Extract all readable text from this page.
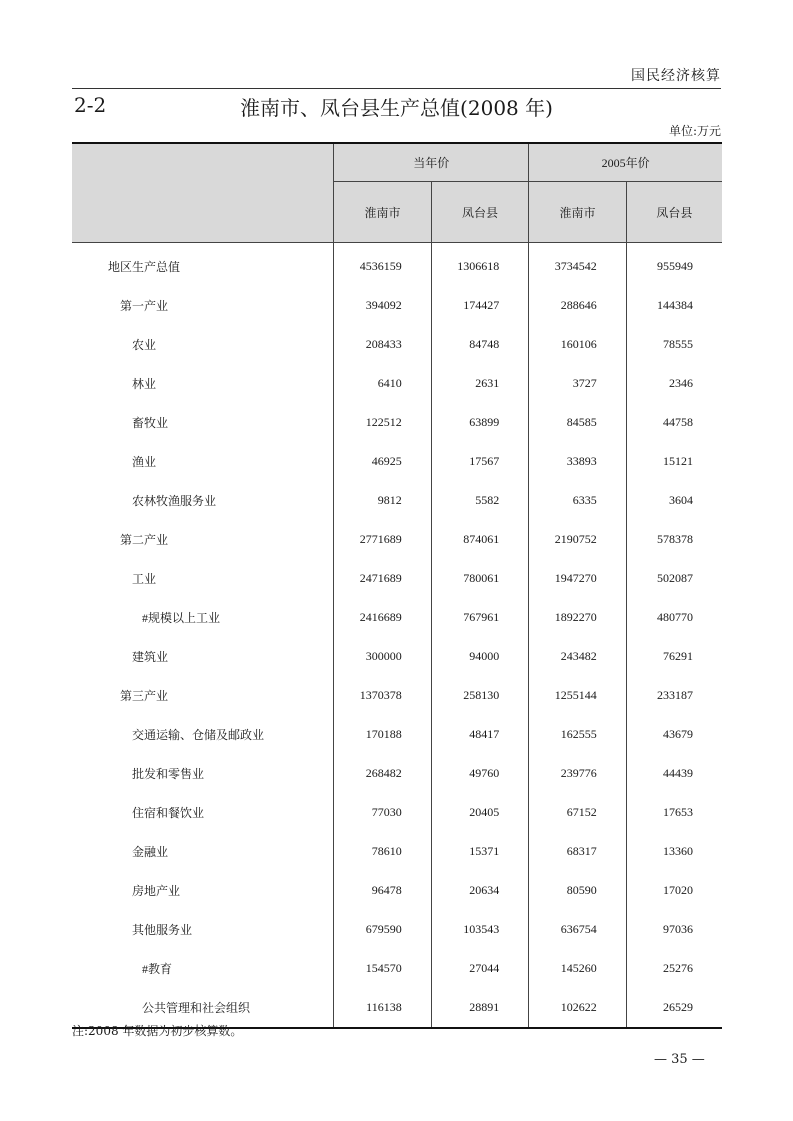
国民经济核算
2-2	淮南市、凤台县生产总值(2008 年)
单位:万元
	当年价		2005年价	
	淮南市	凤台县	淮南市	凤台县
地区生产总值	4536159	1306618	3734542	955949
第一产业	394092	174427	288646	144384
农业	208433	84748	160106	78555
林业	6410	2631	3727	2346
畜牧业	122512	63899	84585	44758
渔业	46925	17567	33893	15121
农林牧渔服务业	9812	5582	6335	3604
第二产业	2771689	874061	2190752	578378
工业	2471689	780061	1947270	502087
#规模以上工业	2416689	767961	1892270	480770
建筑业	300000	94000	243482	76291
第三产业	1370378	258130	1255144	233187
交通运输、仓储及邮政业	170188	48417	162555	43679
批发和零售业	268482	49760	239776	44439
住宿和餐饮业	77030	20405	67152	17653
金融业	78610	15371	68317	13360
房地产业	96478	20634	80590	17020
其他服务业	679590	103543	636754	97036
#教育	154570	27044	145260	25276
公共管理和社会组织	116138	28891	102622	26529
注:2008 年数据为初步核算数。
— 35 —
